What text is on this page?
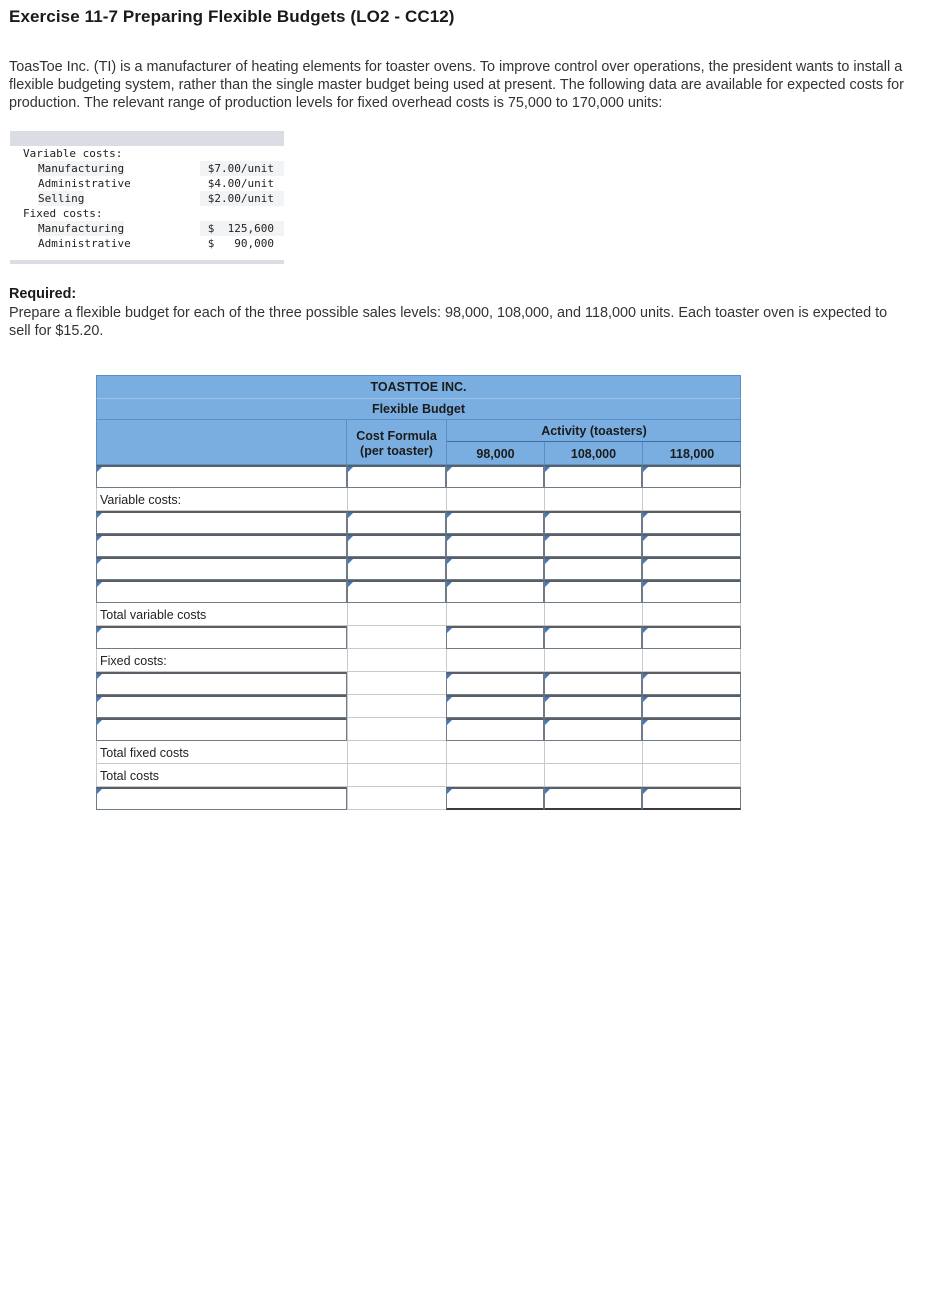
Exercise 11-7 Preparing Flexible Budgets (LO2 - CC12)

ToasToe Inc. (TI) is a manufacturer of heating elements for toaster ovens. To improve control over operations, the president wants to install a flexible budgeting system, rather than the single master budget being used at present. The following data are available for expected costs for production. The relevant range of production levels for fixed overhead costs is 75,000 to 170,000 units:

Variable costs:
Manufacturing	$7.00/unit
Administrative	$4.00/unit
Selling	$2.00/unit
Fixed costs:
Manufacturing	$  125,600
Administrative	$   90,000
Required:

Prepare a flexible budget for each of the three possible sales levels: 98,000, 108,000, and 118,000 units. Each toaster oven is expected to sell for $15.20.

TOASTTOE INC.
Flexible Budget
Cost Formula
(per toaster)
Activity (toasters)
98,000	108,000	118,000
Variable costs:
Total variable costs
Fixed costs:
Total fixed costs
Total costs
